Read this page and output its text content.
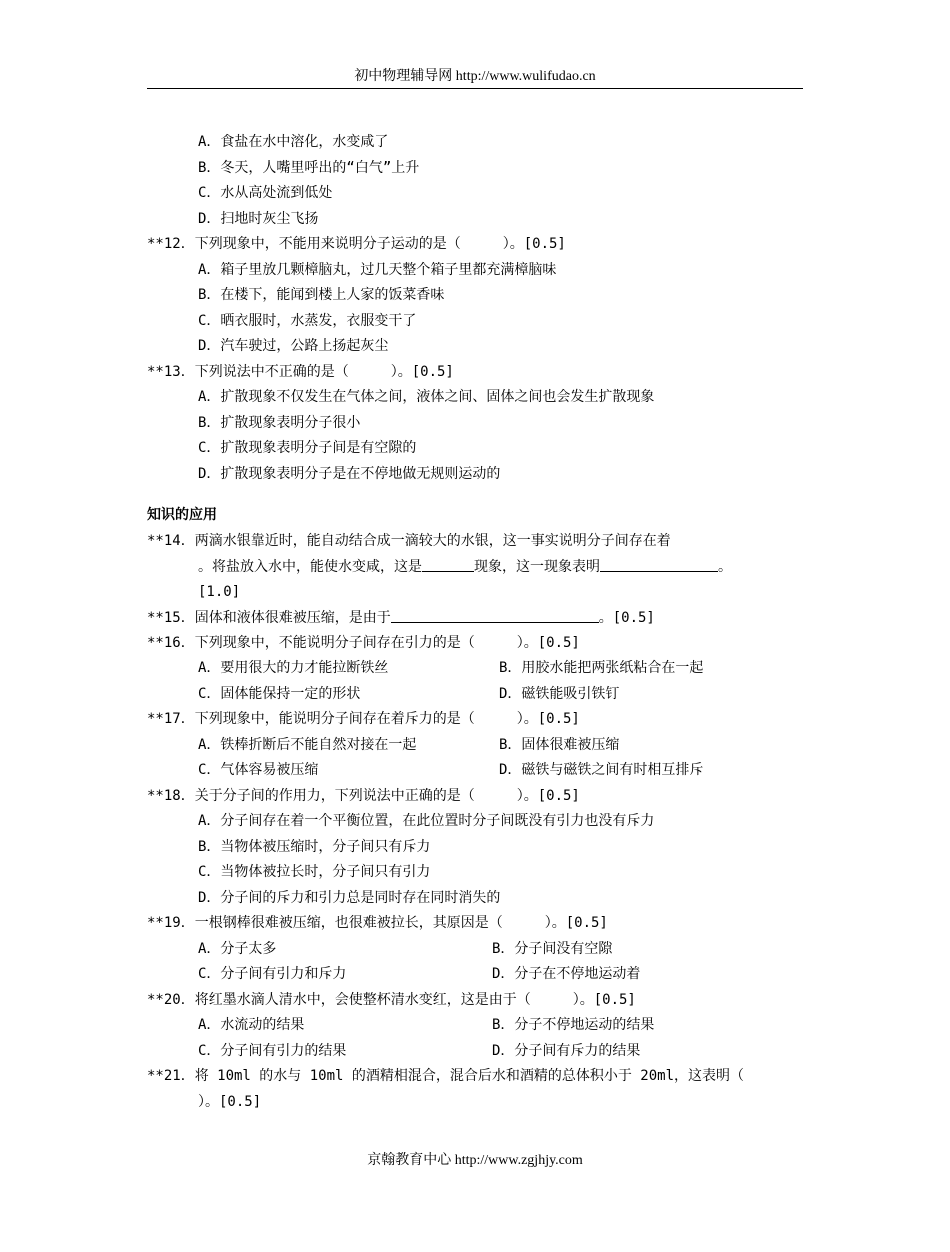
初中物理辅导网 http://www.wulifudao.cn
A．食盐在水中溶化，水变咸了
B．冬天，人嘴里呼出的“白气”上升
C．水从高处流到低处
D．扫地时灰尘飞扬
**12．下列现象中，不能用来说明分子运动的是（　　　）。[0.5]
A．箱子里放几颗樟脑丸，过几天整个箱子里都充满樟脑味
B．在楼下，能闻到楼上人家的饭菜香味
C．晒衣服时，水蒸发，衣服变干了
D．汽车驶过，公路上扬起灰尘
**13．下列说法中不正确的是（　　　）。[0.5]
A．扩散现象不仅发生在气体之间，液体之间、固体之间也会发生扩散现象
B．扩散现象表明分子很小
C．扩散现象表明分子间是有空隙的
D．扩散现象表明分子是在不停地做无规则运动的
知识的应用
**14．两滴水银靠近时，能自动结合成一滴较大的水银，这一事实说明分子间存在着
。将盐放入水中，能使水变咸，这是	现象，这一现象表明	。
[1.0]
**15．固体和液体很难被压缩，是由于	。[0.5]
**16．下列现象中，不能说明分子间存在引力的是（　　　）。[0.5]
A．要用很大的力才能拉断铁丝	B．用胶水能把两张纸粘合在一起
C．固体能保持一定的形状	D．磁铁能吸引铁钉
**17．下列现象中，能说明分子间存在着斥力的是（　　　）。[0.5]
A．铁棒折断后不能自然对接在一起	B．固体很难被压缩
C．气体容易被压缩	D．磁铁与磁铁之间有时相互排斥
**18．关于分子间的作用力，下列说法中正确的是（　　　）。[0.5]
A．分子间存在着一个平衡位置，在此位置时分子间既没有引力也没有斥力
B．当物体被压缩时，分子间只有斥力
C．当物体被拉长时，分子间只有引力
D．分子间的斥力和引力总是同时存在同时消失的
**19．一根钢棒很难被压缩，也很难被拉长，其原因是（　　　）。[0.5]
A．分子太多	B．分子间没有空隙
C．分子间有引力和斥力	D．分子在不停地运动着
**20．将红墨水滴人清水中，会使整杯清水变红，这是由于（　　　）。[0.5]
A．水流动的结果	B．分子不停地运动的结果
C．分子间有引力的结果	D．分子间有斥力的结果
**21．将 10ml 的水与 10ml 的酒精相混合，混合后水和酒精的总体积小于 20ml，这表明（
）。[0.5]
京翰教育中心 http://www.zgjhjy.com
